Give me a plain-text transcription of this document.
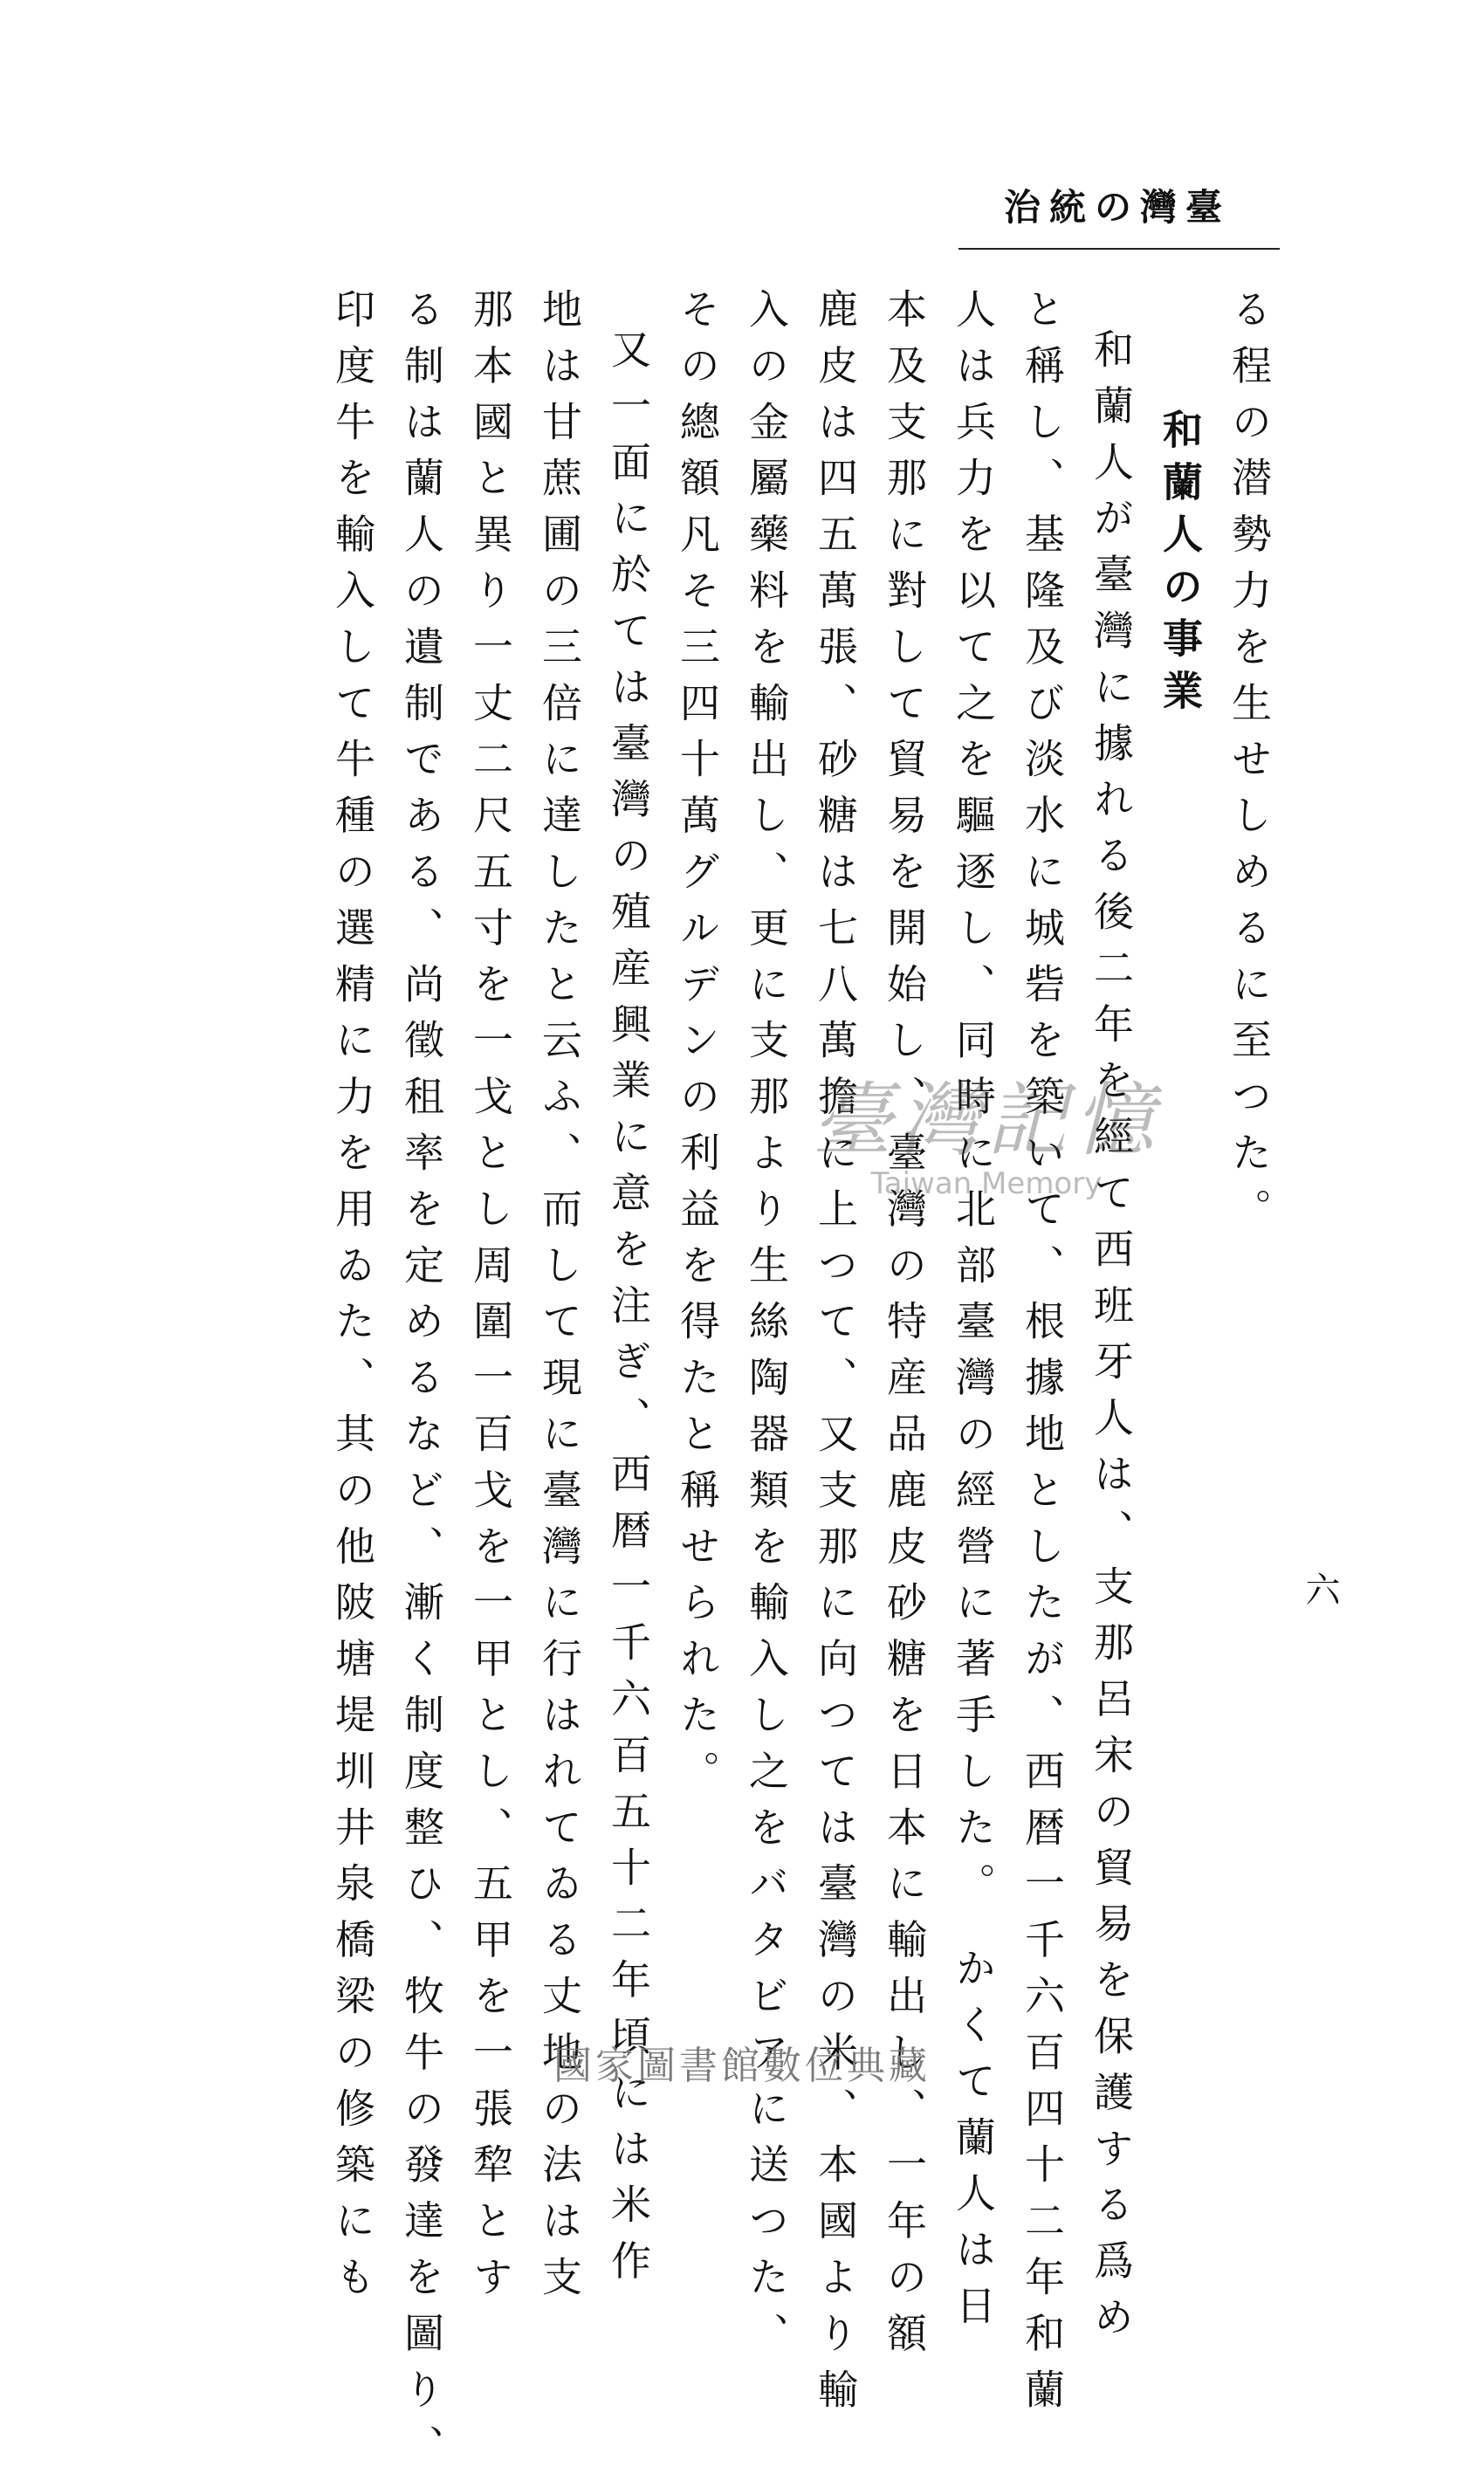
臺灣の統治

る程の潜勢力を生せしめるに至つた。

和蘭人の事業

和蘭人が臺灣に據れる後二年を經て西班牙人は、支那呂宋の貿易を保護する爲め

と稱し、基隆及び淡水に城砦を築いて、根據地としたが、西暦一千六百四十二年和蘭

人は兵力を以て之を驅逐し、同時に北部臺灣の經營に著手した。 かくて蘭人は日

本及支那に對して貿易を開始し、臺灣の特産品鹿皮砂糖を日本に輸出し、一年の額

鹿皮は四五萬張、砂糖は七八萬擔に上つて、又支那に向つては臺灣の米、本國より輸

入の金屬藥料を輸出し、更に支那より生絲陶器類を輸入し之をバタビアに送つた、

その總額凡そ三四十萬グルデンの利益を得たと稱せられた。

又一面に於ては臺灣の殖産興業に意を注ぎ、西暦一千六百五十二年頃には米作

地は甘蔗圃の三倍に達したと云ふ、而して現に臺灣に行はれてゐる丈地の法は支

那本國と異り一丈二尺五寸を一戈とし周圍一百戈を一甲とし、五甲を一張犂とす

る制は蘭人の遺制である、尚徵租率を定めるなど、漸く制度整ひ、牧牛の發達を圖り、

印度牛を輸入して牛種の選精に力を用ゐた、其の他陂塘堤圳井泉橋梁の修築にも	六
臺灣記憶
Taiwan Memory
國家圖書館數位典藏
